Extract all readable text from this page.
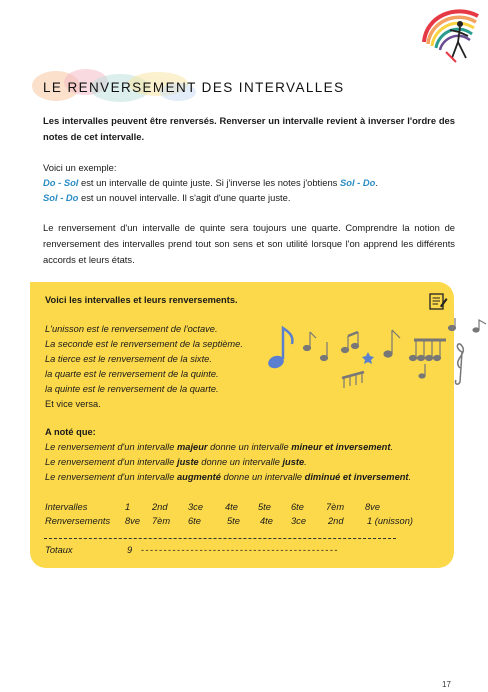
LE RENVERSEMENT DES INTERVALLES

Les intervalles peuvent être renversés. Renverser un intervalle revient à inverser l'ordre des notes de cet intervalle.

Voici un exemple:

Do - Sol est un intervalle de quinte juste. Si j'inverse les notes j'obtiens Sol - Do.

Sol - Do est un nouvel intervalle. Il s'agit d'une quarte juste.

Le renversement d'un intervalle de quinte sera toujours une quarte. Comprendre la notion de renversement des intervalles prend tout son sens et son utilité lorsque l'on apprend les différents accords et leurs états.

Voici les intervalles et leurs renversements.

L'unisson est le renversement de l'octave.

La seconde est le renversement de la septième.

La tierce est le renversement de la sixte.

la quarte est le renversement de la quinte.

la quinte est le renversement de la quarte.

Et vice versa.

A noté que:

Le renversement d'un intervalle majeur donne un intervalle mineur et inversement.

Le renversement d'un intervalle juste donne un intervalle juste.

Le renversement d'un intervalle augmenté donne un intervalle diminué et inversement.

Intervalles	1 2nd 3ce 4te 5te 6te 7èm 8ve
Renversements 8ve 7èm 6te	5te 4te 3ce 2nd	1 (unisson)
Totaux	9 --------------------------------------------
17
